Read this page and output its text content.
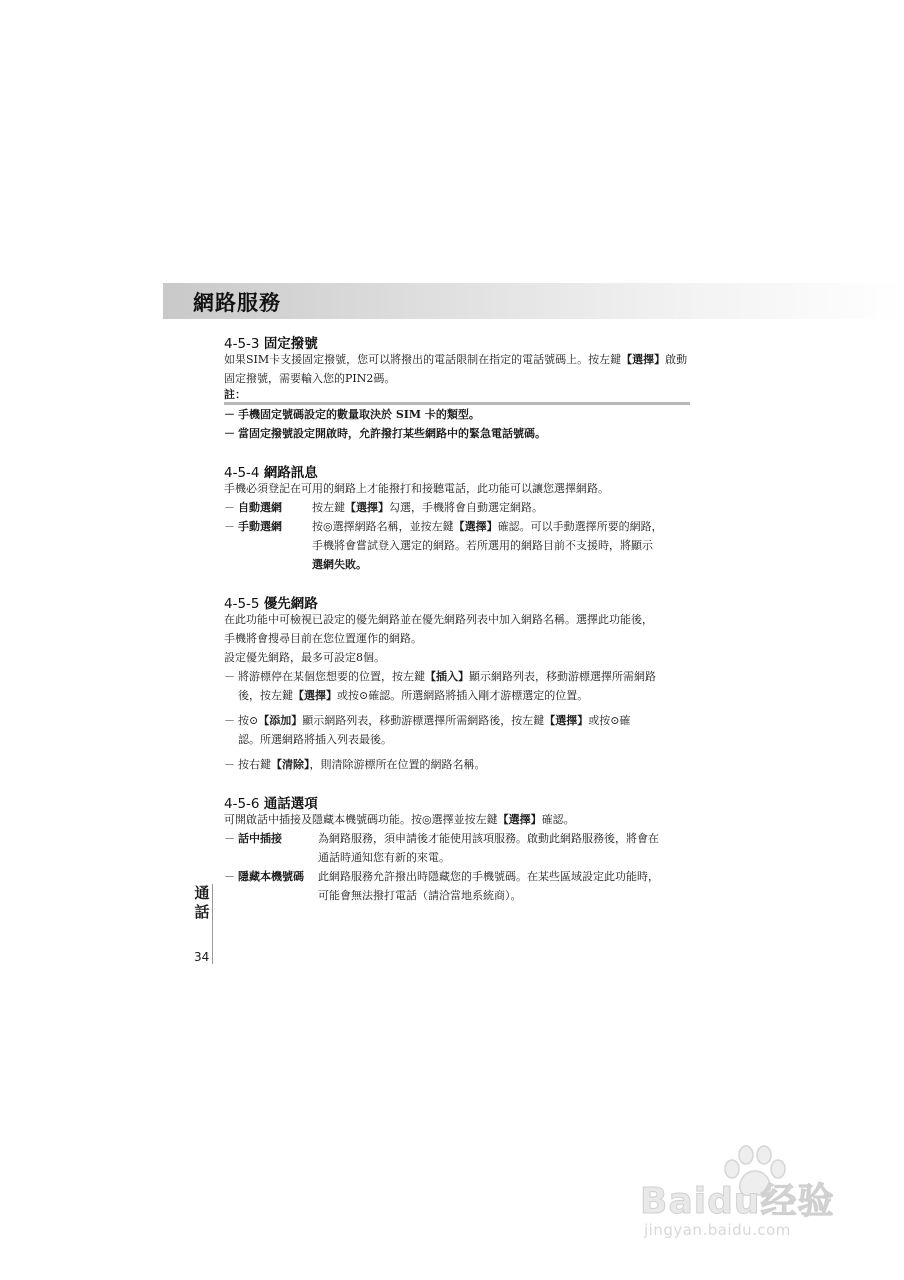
網路服務
4-5-3 固定撥號
如果SIM卡支援固定撥號，您可以將撥出的電話限制在指定的電話號碼上。按左鍵【選擇】啟動固定撥號，需要輸入您的PIN2碼。
註：
－ 手機固定號碼設定的數量取決於 SIM 卡的類型。
－ 當固定撥號設定開啟時，允許撥打某些網路中的緊急電話號碼。
4-5-4 網路訊息
手機必須登記在可用的網路上才能撥打和接聽電話，此功能可以讓您選擇網路。
－ 自動選網	按左鍵【選擇】勾選，手機將會自動選定網路。
－ 手動選網	按◎選擇網路名稱，並按左鍵【選擇】確認。可以手動選擇所要的網路，
手機將會嘗試登入選定的網路。若所選用的網路目前不支援時，將顯示
選網失敗。
4-5-5 優先網路
在此功能中可檢視已設定的優先網路並在優先網路列表中加入網路名稱。選擇此功能後，
手機將會搜尋目前在您位置運作的網路。
設定優先網路，最多可設定8個。
－ 將游標停在某個您想要的位置，按左鍵【插入】顯示網路列表，移動游標選擇所需網路
後，按左鍵【選擇】或按⊙確認。所選網路將插入剛才游標選定的位置。
－ 按⊙【添加】顯示網路列表，移動游標選擇所需網路後，按左鍵【選擇】或按⊙確
認。所選網路將插入列表最後。
－ 按右鍵【清除】，則清除游標所在位置的網路名稱。
4-5-6 通話選項
可開啟話中插接及隱藏本機號碼功能。按◎選擇並按左鍵【選擇】確認。
－ 話中插接	為網路服務，須申請後才能使用該項服務。啟動此網路服務後，將會在
通話時通知您有新的來電。
－ 隱藏本機號碼	此網路服務允許撥出時隱藏您的手機號碼。在某些區域設定此功能時，
可能會無法撥打電話（請洽當地系統商）。
通
話
34
Baidu经验
jingyan.baidu.com
